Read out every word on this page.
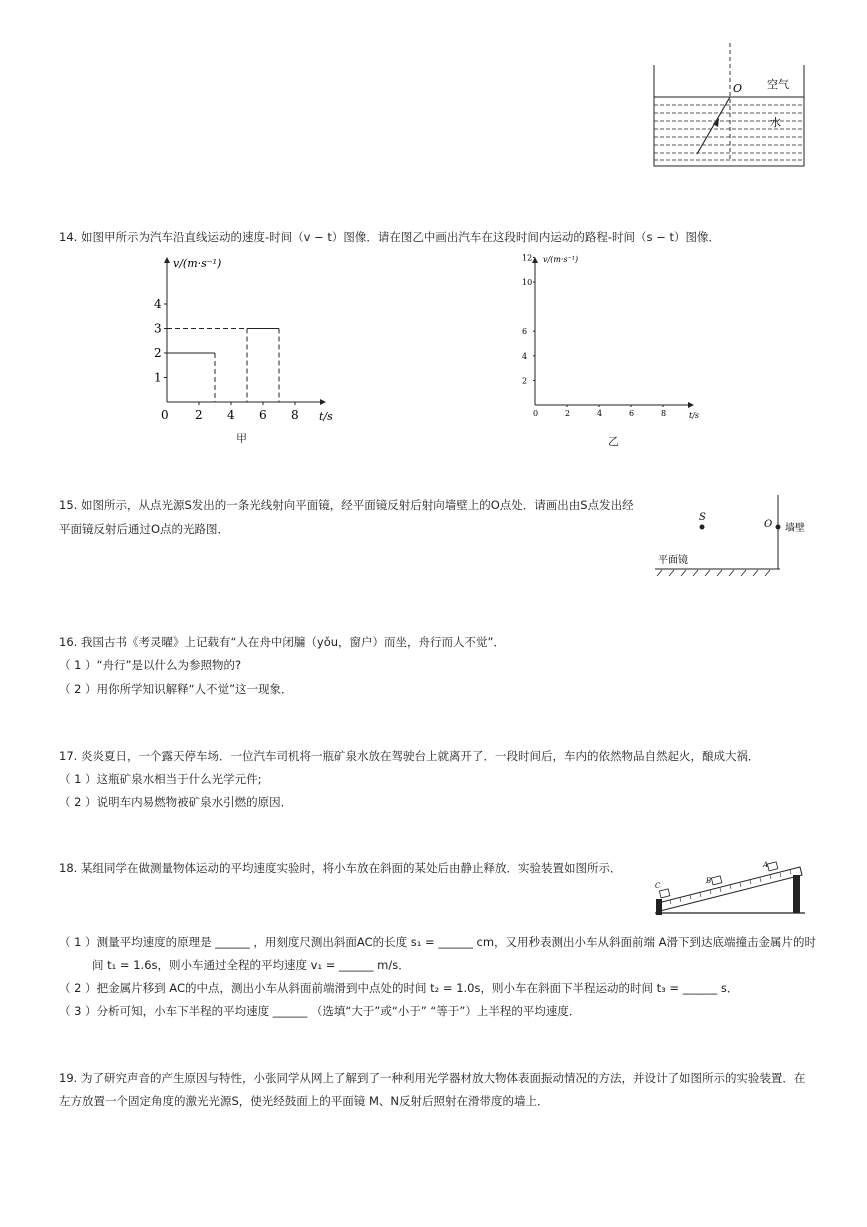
O 空气
水
14. 如图甲所示为汽车沿直线运动的速度-时间（v − t）图像．请在图乙中画出汽车在这段时间内运动的路程-时间（s − t）图像．
1
2
3
4
0 2 4 6 8
v/(m·s⁻¹)
t/s
甲
2
4
6
10
12
0	2	4	6	8
v/(m·s⁻¹)
t/s
乙
15. 如图所示，从点光源S发出的一条光线射向平面镜，经平面镜反射后射向墙壁上的O点处．请画出由S点发出经
平面镜反射后通过O点的光路图．
S
O 墙壁
平面镜
16. 我国古书《考灵曜》上记载有“人在舟中闭牖（yǒu，窗户）而坐，舟行而人不觉”．
（ 1 ）“舟行”是以什么为参照物的?
（ 2 ）用你所学知识解释“人不觉”这一现象．
17. 炎炎夏日，一个露天停车场．一位汽车司机将一瓶矿泉水放在驾驶台上就离开了．一段时间后，车内的依然物品自然起火，酿成大祸．
（ 1 ）这瓶矿泉水相当于什么光学元件;
（ 2 ）说明车内易燃物被矿泉水引燃的原因．
18. 某组同学在做测量物体运动的平均速度实验时，将小车放在斜面的某处后由静止释放．实验装置如图所示．
C
B
A
（ 1 ）测量平均速度的原理是 ______ ，用刻度尺测出斜面AC的长度 s₁ = ______ cm，又用秒表测出小车从斜面前端 A滑下到达底端撞击金属片的时
间 t₁ = 1.6s，则小车通过全程的平均速度 v₁ = ______ m/s．
（ 2 ）把金属片移到 AC的中点，测出小车从斜面前端滑到中点处的时间 t₂ = 1.0s，则小车在斜面下半程运动的时间 t₃ = ______ s．
（ 3 ）分析可知，小车下半程的平均速度 ______ （选填“大于”或“小于” “等于”）上半程的平均速度．
19. 为了研究声音的产生原因与特性，小张同学从网上了解到了一种利用光学器材放大物体表面振动情况的方法，并设计了如图所示的实验装置．在
左方放置一个固定角度的激光光源S，使光经鼓面上的平面镜 M、N反射后照射在滑带度的墙上．
